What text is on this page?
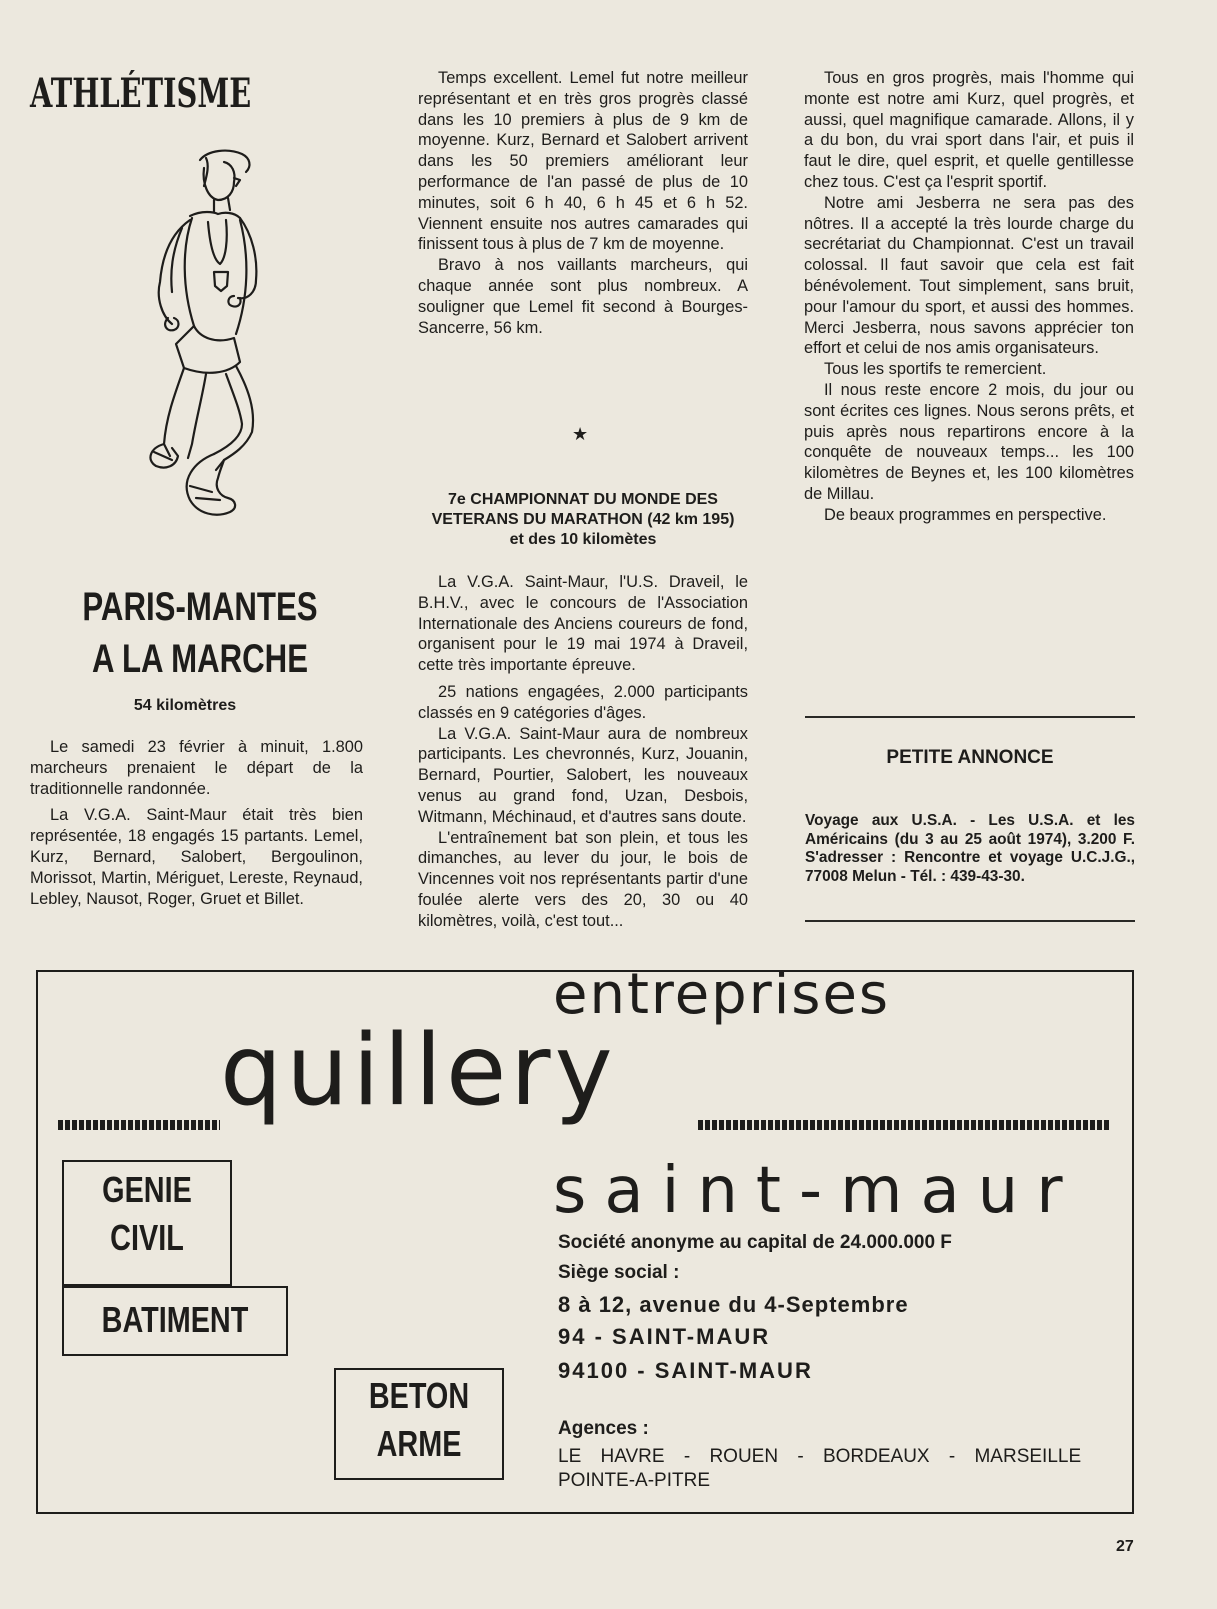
ATHLÉTISME
PARIS-MANTES
A LA MARCHE
54 kilomètres

Le samedi 23 février à minuit, 1.800 marcheurs prenaient le départ de la traditionnelle randonnée.

La V.G.A. Saint-Maur était très bien représentée, 18 engagés 15 partants. Lemel, Kurz, Bernard, Salobert, Bergoulinon, Morissot, Martin, Mériguet, Lereste, Reynaud, Lebley, Nausot, Roger, Gruet et Billet.

Temps excellent. Lemel fut notre meilleur représentant et en très gros progrès classé dans les 10 premiers à plus de 9 km de moyenne. Kurz, Bernard et Salobert arrivent dans les 50 premiers améliorant leur performance de l'an passé de plus de 10 minutes, soit 6 h 40, 6 h 45 et 6 h 52. Viennent ensuite nos autres camarades qui finissent tous à plus de 7 km de moyenne.

Bravo à nos vaillants marcheurs, qui chaque année sont plus nombreux. A souligner que Lemel fit second à Bourges-Sancerre, 56 km.

★
7e CHAMPIONNAT DU MONDE DES
VETERANS DU MARATHON (42 km 195)
et des 10 kilomètes

La V.G.A. Saint-Maur, l'U.S. Draveil, le B.H.V., avec le concours de l'Association Internationale des Anciens coureurs de fond, organisent pour le 19 mai 1974 à Draveil, cette très importante épreuve.

25 nations engagées, 2.000 participants classés en 9 catégories d'âges.

La V.G.A. Saint-Maur aura de nombreux participants. Les chevronnés, Kurz, Jouanin, Bernard, Pourtier, Salobert, les nouveaux venus au grand fond, Uzan, Desbois, Witmann, Méchinaud, et d'autres sans doute.

L'entraînement bat son plein, et tous les dimanches, au lever du jour, le bois de Vincennes voit nos représentants partir d'une foulée alerte vers des 20, 30 ou 40 kilomètres, voilà, c'est tout...

Tous en gros progrès, mais l'homme qui monte est notre ami Kurz, quel progrès, et aussi, quel magnifique camarade. Allons, il y a du bon, du vrai sport dans l'air, et puis il faut le dire, quel esprit, et quelle gentillesse chez tous. C'est ça l'esprit sportif.

Notre ami Jesberra ne sera pas des nôtres. Il a accepté la très lourde charge du secrétariat du Championnat. C'est un travail colossal. Il faut savoir que cela est fait bénévolement. Tout simplement, sans bruit, pour l'amour du sport, et aussi des hommes. Merci Jesberra, nous savons apprécier ton effort et celui de nos amis organisateurs.

Tous les sportifs te remercient.

Il nous reste encore 2 mois, du jour ou sont écrites ces lignes. Nous serons prêts, et puis après nous repartirons encore à la conquête de nouveaux temps... les 100 kilomètres de Beynes et, les 100 kilomètres de Millau.

De beaux programmes en perspective.

PETITE ANNONCE
Voyage aux U.S.A. - Les U.S.A. et les Américains (du 3 au 25 août 1974), 3.200 F. S'adresser : Rencontre et voyage U.C.J.G., 77008 Melun - Tél. : 439-43-30.
entreprises
quillery
saint-maur
GENIE
CIVIL
BATIMENT
BETON
ARME
Société anonyme au capital de 24.000.000 F
Siège social :
8 à 12, avenue du 4-Septembre
94 - SAINT-MAUR
94100 - SAINT-MAUR
Agences :
LE HAVRE - ROUEN - BORDEAUX - MARSEILLE
POINTE-A-PITRE
27
